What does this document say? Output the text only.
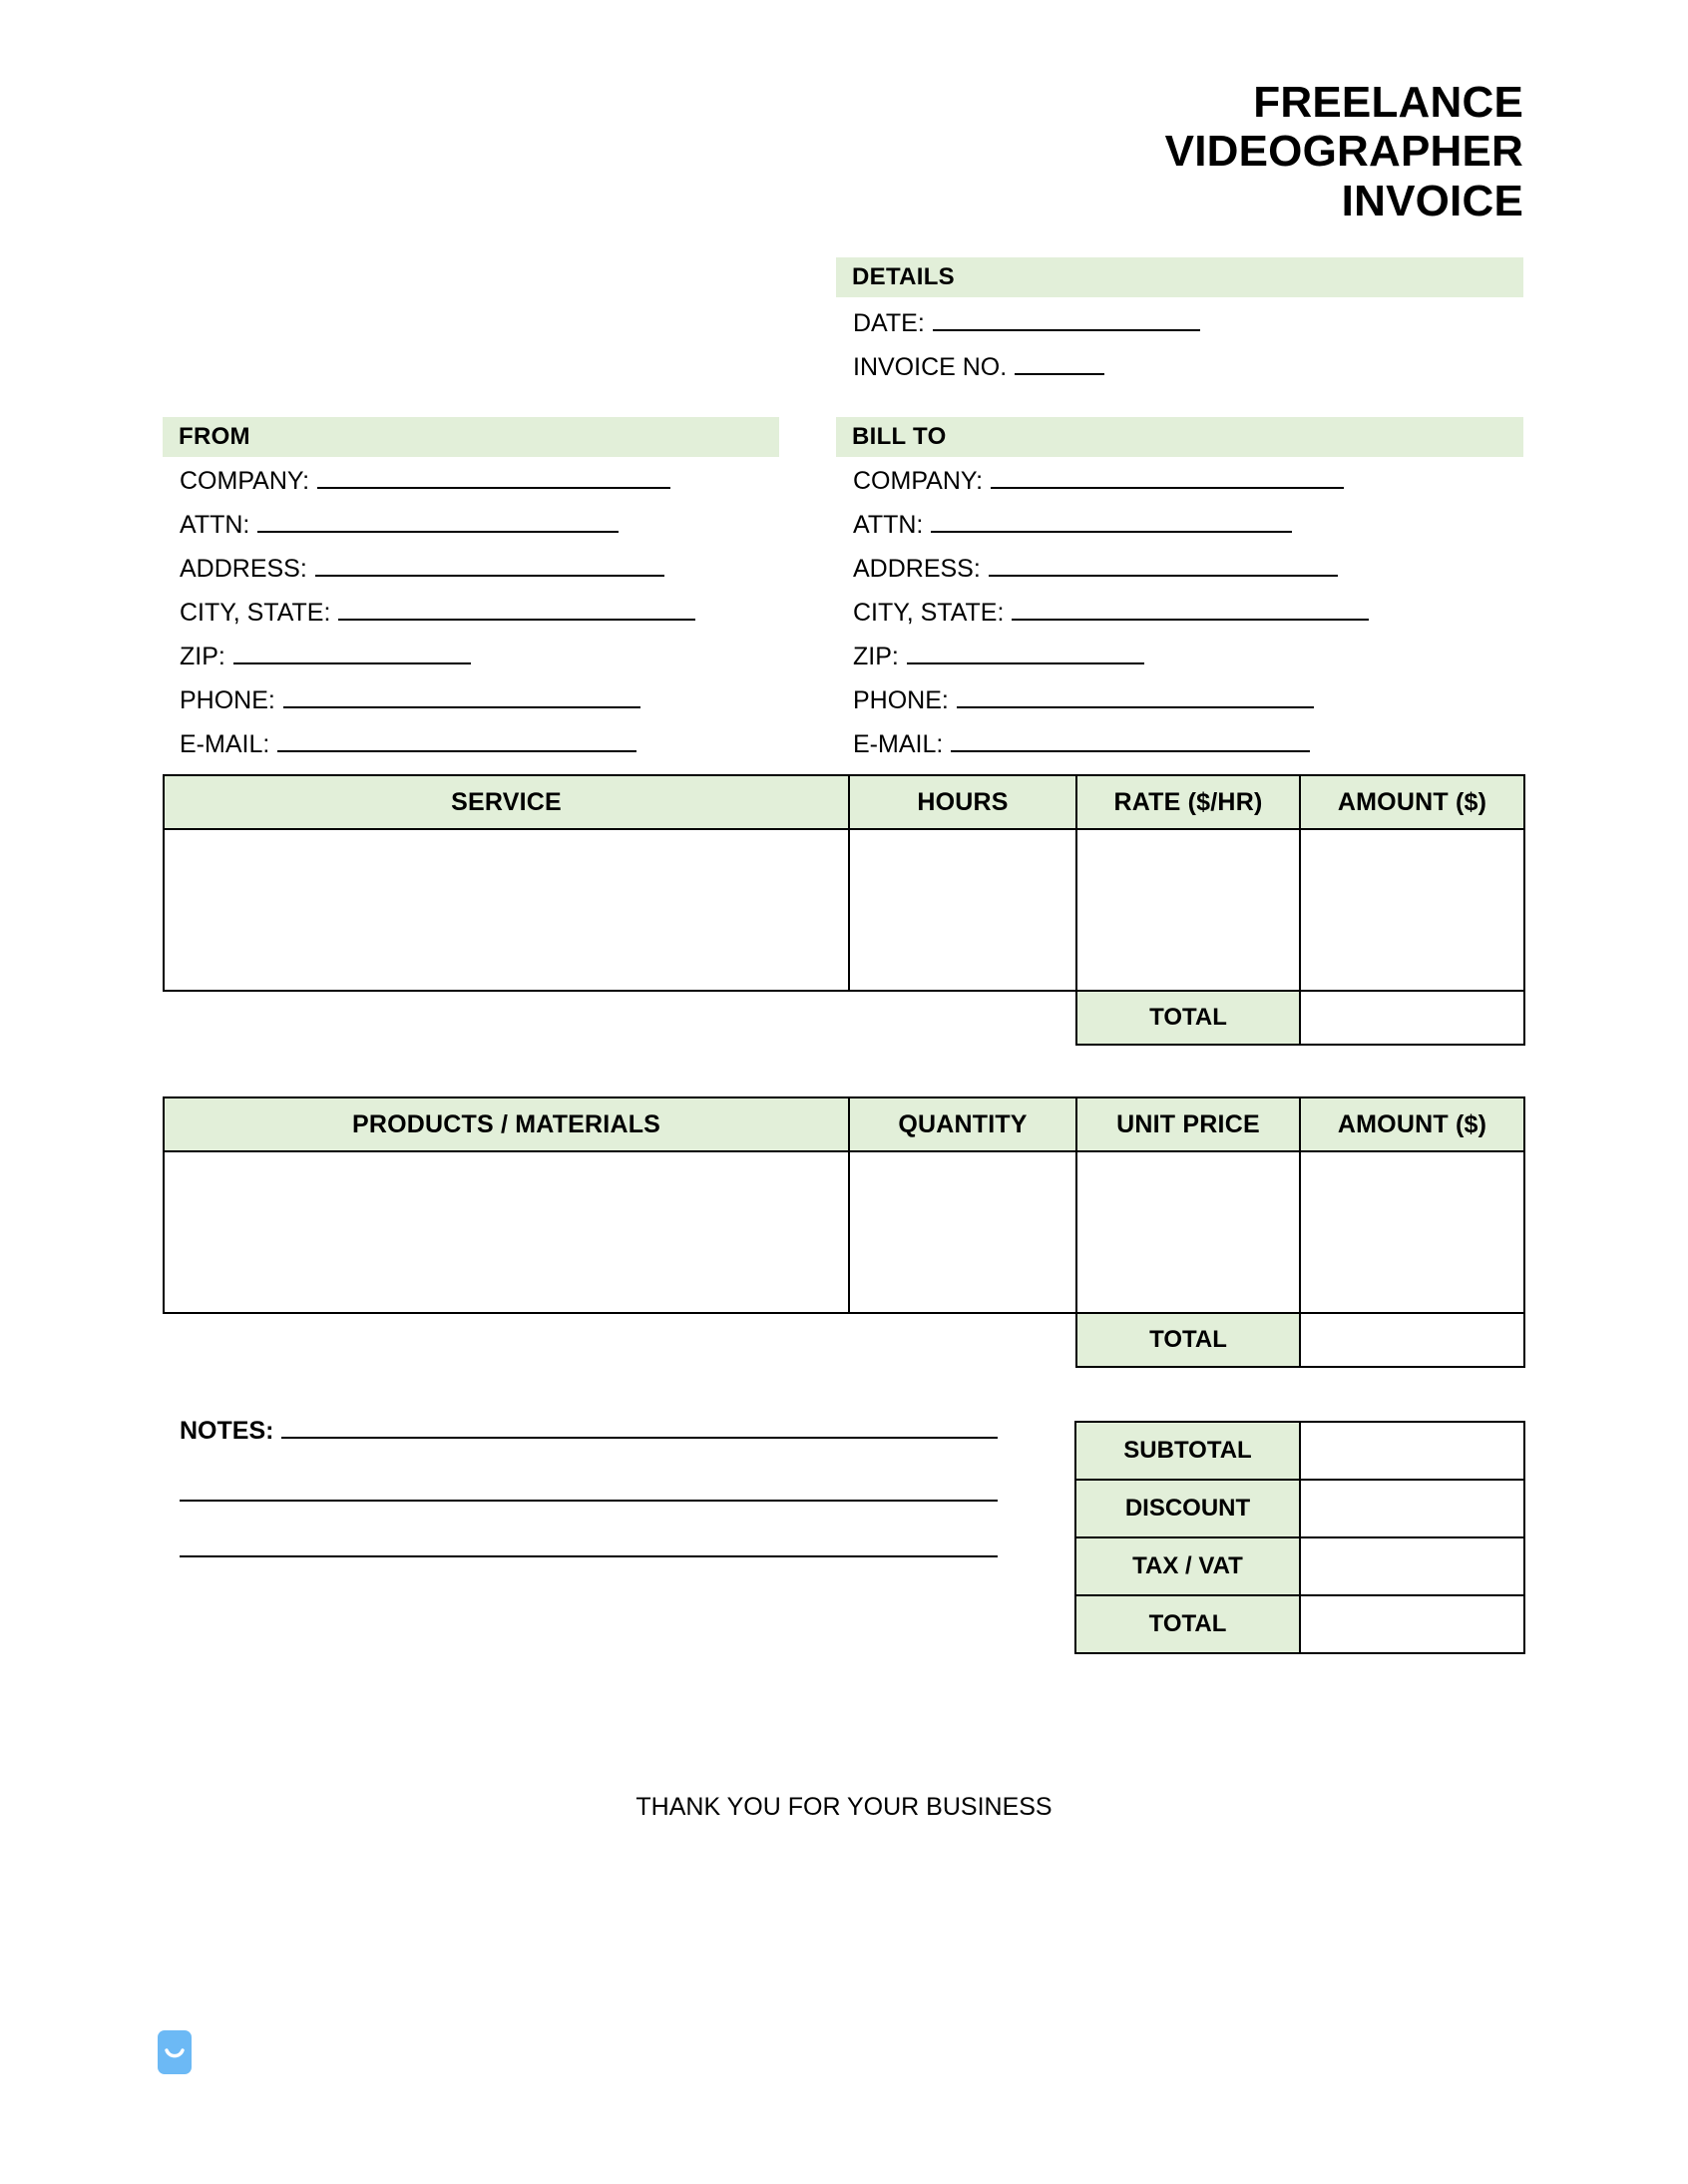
FREELANCE
VIDEOGRAPHER
INVOICE
DETAILS
DATE:
INVOICE NO.
FROM
COMPANY:
ATTN:
ADDRESS:
CITY, STATE:
ZIP:
PHONE:
E-MAIL:
BILL TO
COMPANY:
ATTN:
ADDRESS:
CITY, STATE:
ZIP:
PHONE:
E-MAIL:
SERVICE	HOURS	RATE ($/HR)	AMOUNT ($)

		TOTAL	
PRODUCTS / MATERIALS	QUANTITY	UNIT PRICE	AMOUNT ($)

		TOTAL	
NOTES:
SUBTOTAL	
DISCOUNT	
TAX / VAT	
TOTAL	
THANK YOU FOR YOUR BUSINESS
